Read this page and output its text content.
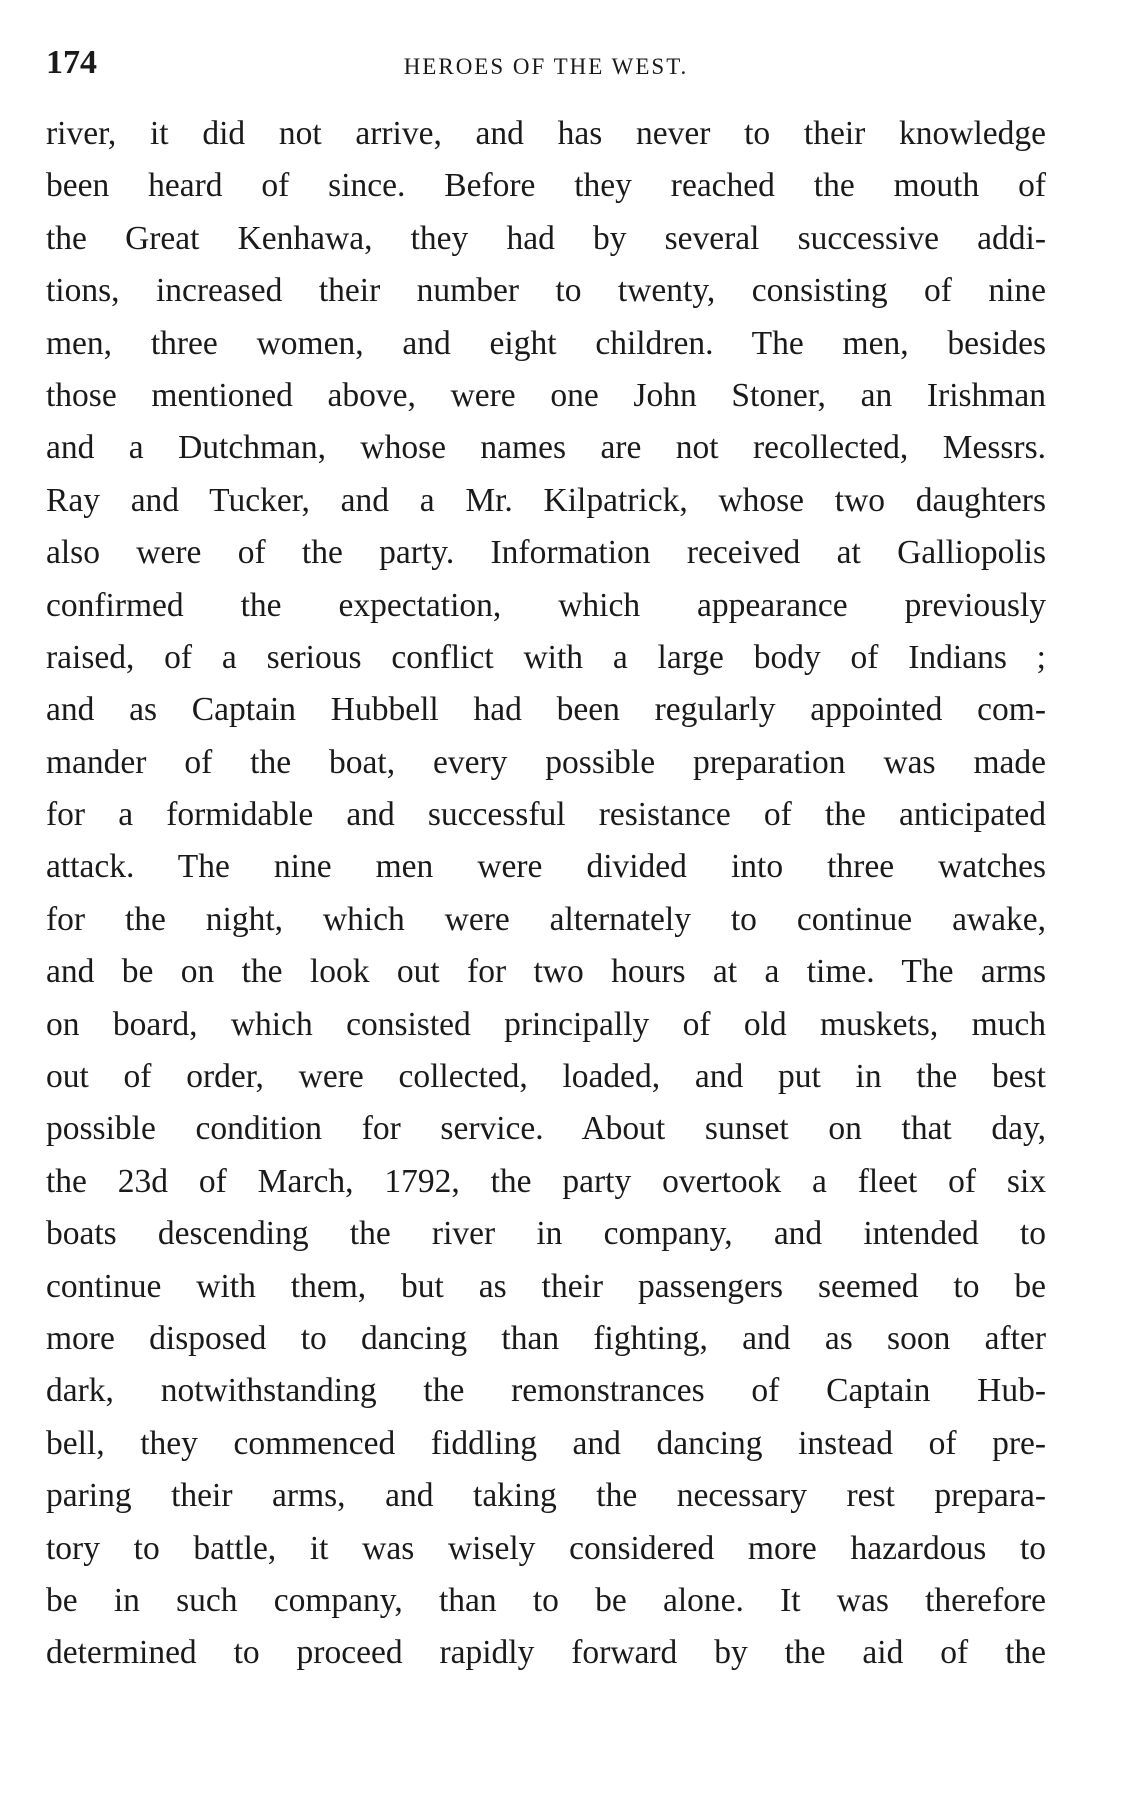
174	HEROES OF THE WEST.
river, it did not arrive, and has never to their knowledge
been heard of since. Before they reached the mouth of
the Great Kenhawa, they had by several successive addi-
tions, increased their number to twenty, consisting of nine
men, three women, and eight children. The men, besides
those mentioned above, were one John Stoner, an Irishman
and a Dutchman, whose names are not recollected, Messrs.
Ray and Tucker, and a Mr. Kilpatrick, whose two daughters
also were of the party. Information received at Galliopolis
confirmed the expectation, which appearance previously
raised, of a serious conflict with a large body of Indians ;
and as Captain Hubbell had been regularly appointed com-
mander of the boat, every possible preparation was made
for a formidable and successful resistance of the anticipated
attack. The nine men were divided into three watches
for the night, which were alternately to continue awake,
and be on the look out for two hours at a time. The arms
on board, which consisted principally of old muskets, much
out of order, were collected, loaded, and put in the best
possible condition for service. About sunset on that day,
the 23d of March, 1792, the party overtook a fleet of six
boats descending the river in company, and intended to
continue with them, but as their passengers seemed to be
more disposed to dancing than fighting, and as soon after
dark, notwithstanding the remonstrances of Captain Hub-
bell, they commenced fiddling and dancing instead of pre-
paring their arms, and taking the necessary rest prepara-
tory to battle, it was wisely considered more hazardous to
be in such company, than to be alone. It was therefore
determined to proceed rapidly forward by the aid of the
